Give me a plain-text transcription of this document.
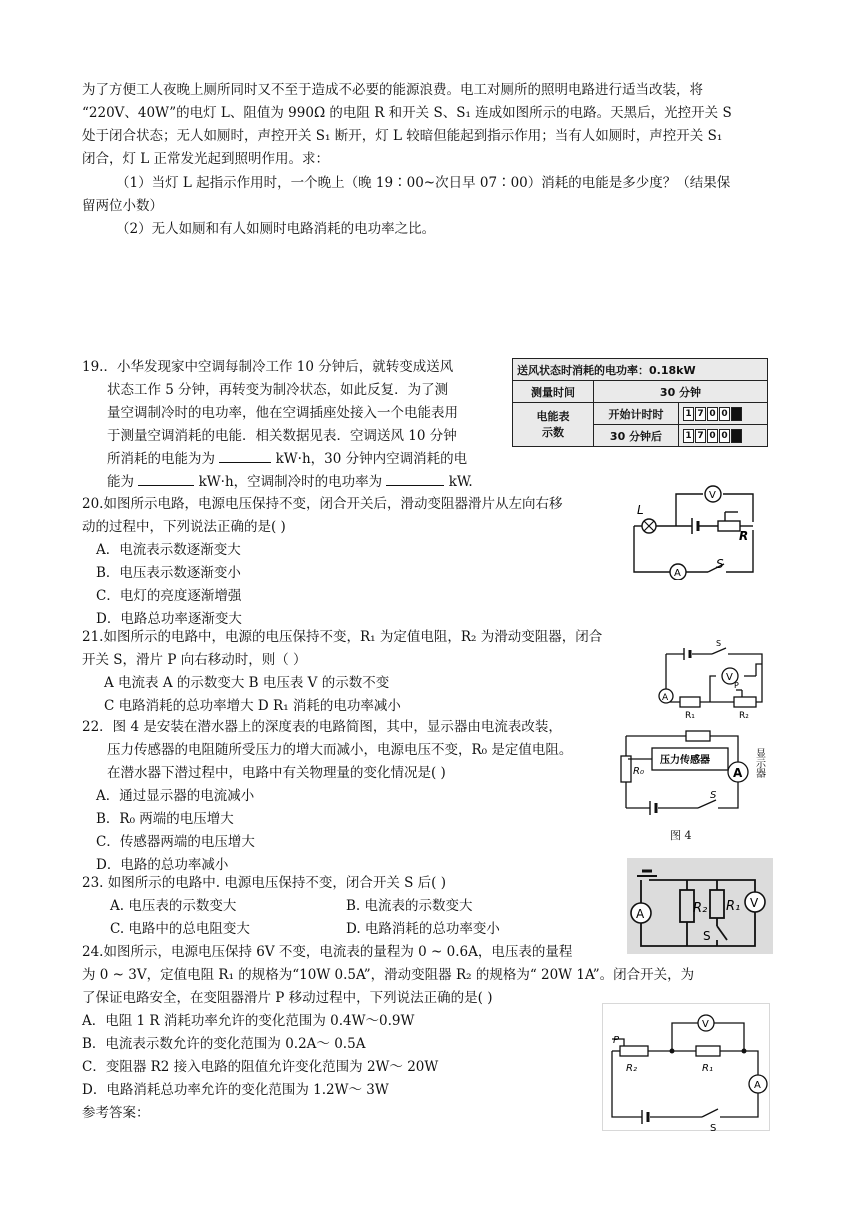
为了方便工人夜晚上厕所同时又不至于造成不必要的能源浪费。电工对厕所的照明电路进行适当改装，将
“220V、40W”的电灯 L、阻值为 990Ω 的电阻 R 和开关 S、S₁ 连成如图所示的电路。天黑后，光控开关 S
处于闭合状态；无人如厕时，声控开关 S₁ 断开，灯 L 较暗但能起到指示作用；当有人如厕时，声控开关 S₁
闭合，灯 L 正常发光起到照明作用。求：
（1）当灯 L 起指示作用时，一个晚上（晚 19∶00~次日早 07∶00）消耗的电能是多少度？（结果保
留两位小数）
（2）无人如厕和有人如厕时电路消耗的电功率之比。
19.．小华发现家中空调每制冷工作 10 分钟后，就转变成送风
状态工作 5 分钟，再转变为制冷状态，如此反复．为了测
量空调制冷时的电功率，他在空调插座处接入一个电能表用
于测量空调消耗的电能．相关数据见表．空调送风 10 分钟
所消耗的电能为为	kW·h，30 分钟内空调消耗的电
能为	kW·h，空调制冷时的电功率为	kW.
送风状态时消耗的电功率：0.18kW		
测量时间	30 分钟	
电能表
示数	开始计时时	1 7 0 0
	30 分钟后	1 7 0 0
20.如图所示电路，电源电压保持不变，闭合开关后，滑动变阻器滑片从左向右移
动的过程中，下列说法正确的是( )
A．电流表示数逐渐变大
B．电压表示数逐渐变小
C．电灯的亮度逐渐增强
D．电路总功率逐渐变大
L
R
S
V
A
21.如图所示的电路中，电源的电压保持不变，R₁ 为定值电阻，R₂ 为滑动变阻器，闭合
开关 S，滑片 P 向右移动时，则（ ）
A 电流表 A 的示数变大 B 电压表 V 的示数不变
C 电路消耗的总功率增大 D R₁ 消耗的电功率减小
S
V
A
P
R₁	R₂
22．图 4 是安装在潜水器上的深度表的电路简图，其中，显示器由电流表改装，
压力传感器的电阻随所受压力的增大而减小，电源电压不变，R₀ 是定值电阻。
在潜水器下潜过程中，电路中有关物理量的变化情况是( )
A．通过显示器的电流减小
B．R₀ 两端的电压增大
C．传感器两端的电压增大
D．电路的总功率减小
压力传感器
R₀	A
S
显示器
图 4
23. 如图所示的电路中. 电源电压保持不变，闭合开关 S 后( )
A. 电压表的示数变大	B. 电流表的示数变大
C. 电路中的总电阻变大	D. 电路消耗的总功率变小
A	R₂ R₁ V
S
24.如图所示，电源电压保持 6V 不变，电流表的量程为 0 ~ 0.6A，电压表的量程
为 0 ~ 3V，定值电阻 R₁ 的规格为“10W 0.5A”，滑动变阻器 R₂ 的规格为“ 20W 1A”。闭合开关，为
了保证电路安全，在变阻器滑片 P 移动过程中，下列说法正确的是( )
A．电阻 1 R 消耗功率允许的变化范围为 0.4W～0.9W
B．电流表示数允许的变化范围为 0.2A～ 0.5A
C．变阻器 R2 接入电路的阻值允许变化范围为 2W～ 20W
D．电路消耗总功率允许的变化范围为 1.2W～ 3W
参考答案：
P
R₂	R₁
V
A
S
